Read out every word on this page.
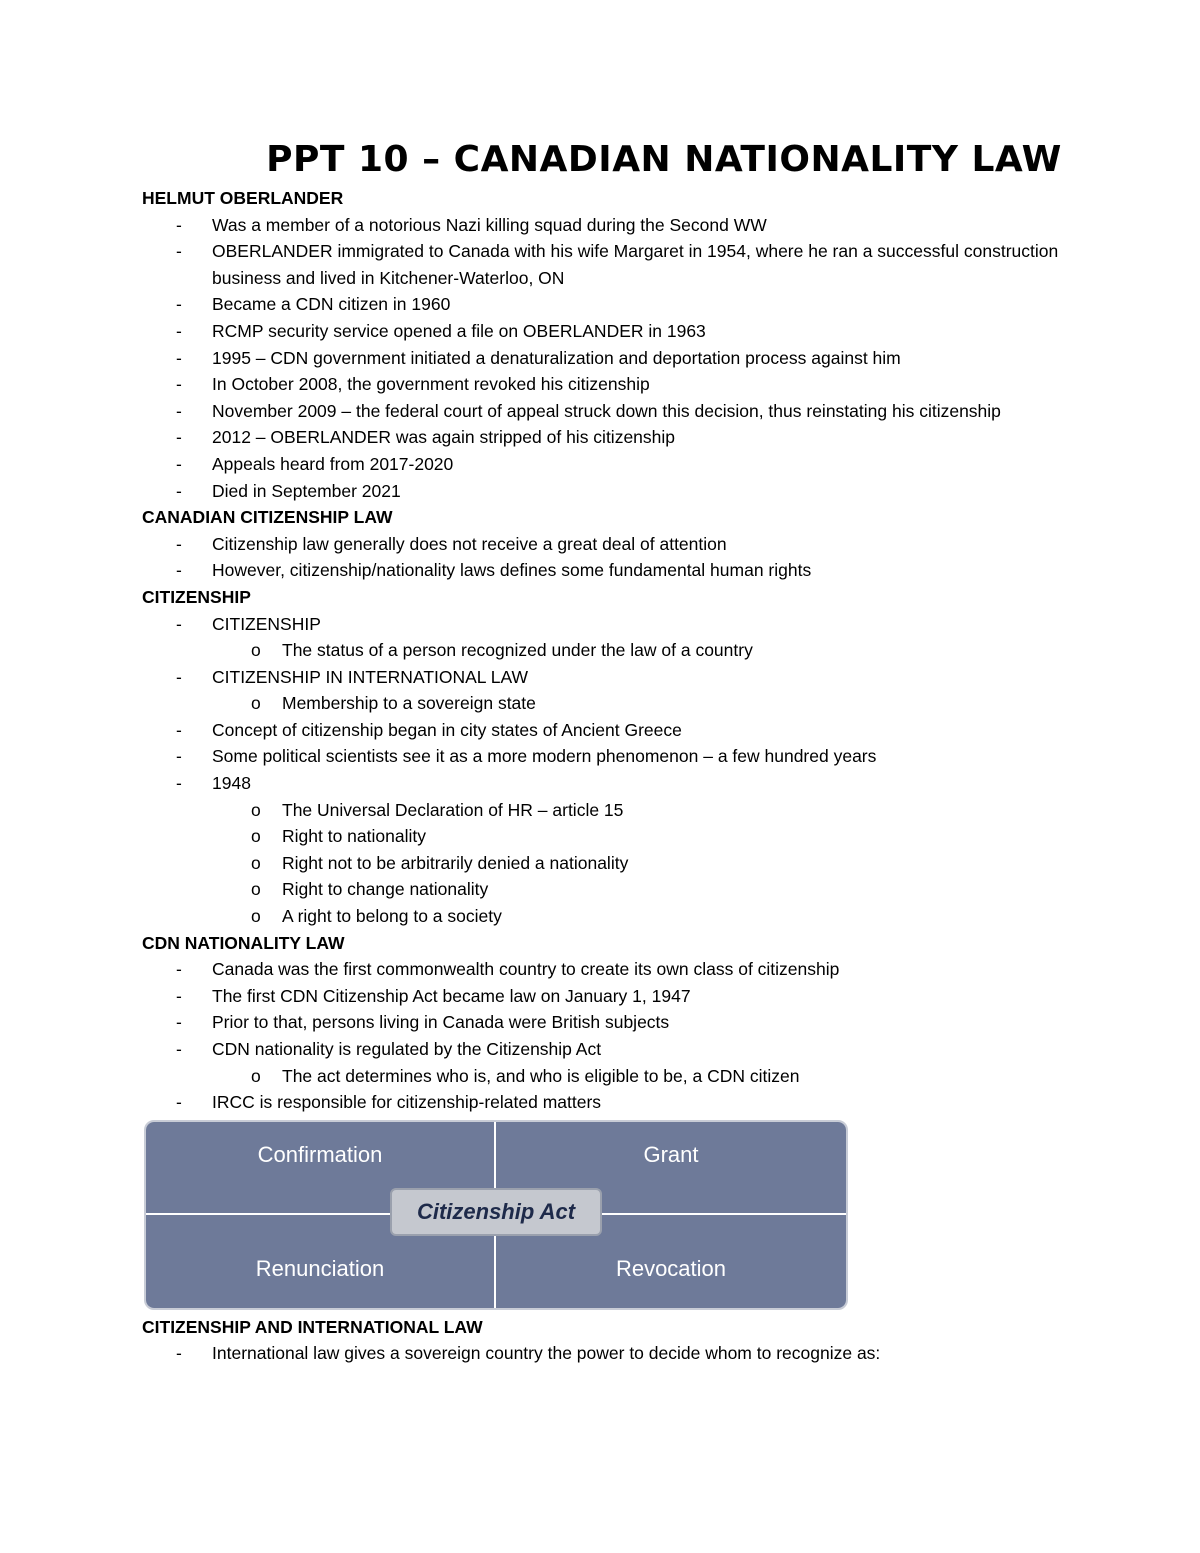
PPT 10 – CANADIAN NATIONALITY LAW
HELMUT OBERLANDER
- Was a member of a notorious Nazi killing squad during the Second WW
- OBERLANDER immigrated to Canada with his wife Margaret in 1954, where he ran a successful construction business and lived in Kitchener-Waterloo, ON
- Became a CDN citizen in 1960
- RCMP security service opened a file on OBERLANDER in 1963
- 1995 – CDN government initiated a denaturalization and deportation process against him
- In October 2008, the government revoked his citizenship
- November 2009 – the federal court of appeal struck down this decision, thus reinstating his citizenship
- 2012 – OBERLANDER was again stripped of his citizenship
- Appeals heard from 2017-2020
- Died in September 2021
CANADIAN CITIZENSHIP LAW
- Citizenship law generally does not receive a great deal of attention
- However, citizenship/nationality laws defines some fundamental human rights
CITIZENSHIP
- CITIZENSHIP
o The status of a person recognized under the law of a country
- CITIZENSHIP IN INTERNATIONAL LAW
o Membership to a sovereign state
- Concept of citizenship began in city states of Ancient Greece
- Some political scientists see it as a more modern phenomenon – a few hundred years
- 1948
o The Universal Declaration of HR – article 15
o Right to nationality
o Right not to be arbitrarily denied a nationality
o Right to change nationality
o A right to belong to a society
CDN NATIONALITY LAW
- Canada was the first commonwealth country to create its own class of citizenship
- The first CDN Citizenship Act became law on January 1, 1947
- Prior to that, persons living in Canada were British subjects
- CDN nationality is regulated by the Citizenship Act
o The act determines who is, and who is eligible to be, a CDN citizen
- IRCC is responsible for citizenship-related matters
Confirmation	Grant
Renunciation	Revocation
Citizenship Act
CITIZENSHIP AND INTERNATIONAL LAW
- International law gives a sovereign country the power to decide whom to recognize as:
